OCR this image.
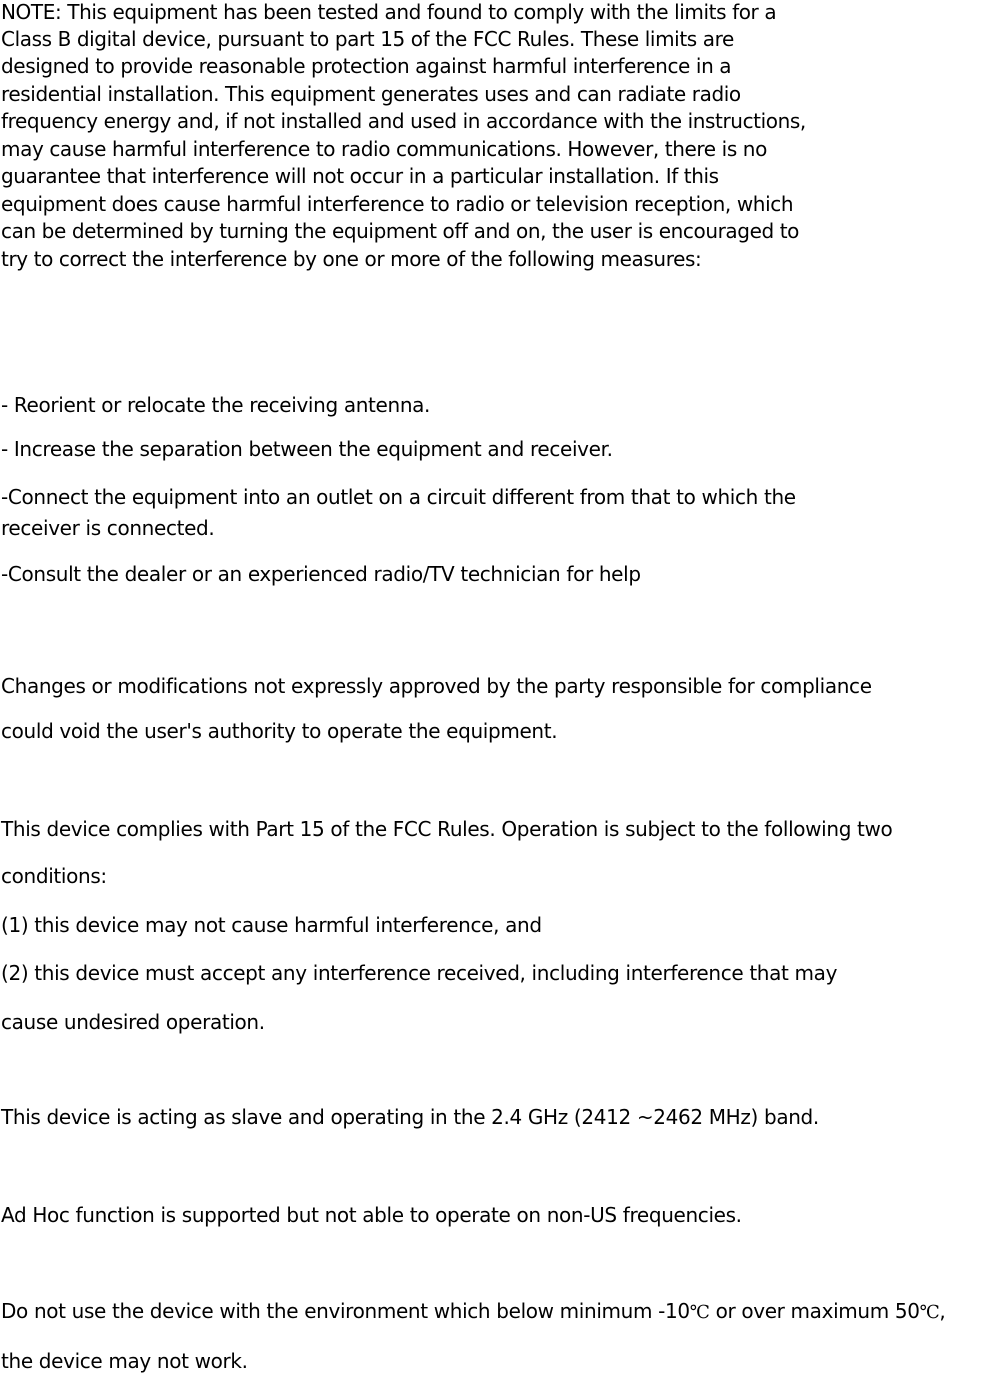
NOTE: This equipment has been tested and found to comply with the limits for a
Class B digital device, pursuant to part 15 of the FCC Rules. These limits are
designed to provide reasonable protection against harmful interference in a
residential installation. This equipment generates uses and can radiate radio
frequency energy and, if not installed and used in accordance with the instructions,
may cause harmful interference to radio communications. However, there is no
guarantee that interference will not occur in a particular installation. If this
equipment does cause harmful interference to radio or television reception, which
can be determined by turning the equipment off and on, the user is encouraged to
try to correct the interference by one or more of the following measures:
- Reorient or relocate the receiving antenna.
- Increase the separation between the equipment and receiver.
-Connect the equipment into an outlet on a circuit different from that to which the
receiver is connected.
-Consult the dealer or an experienced radio/TV technician for help
Changes or modifications not expressly approved by the party responsible for compliance
could void the user's authority to operate the equipment.
This device complies with Part 15 of the FCC Rules. Operation is subject to the following two
conditions:
(1) this device may not cause harmful interference, and
(2) this device must accept any interference received, including interference that may
cause undesired operation.
This device is acting as slave and operating in the 2.4 GHz (2412 ~2462 MHz) band.
Ad Hoc function is supported but not able to operate on non-US frequencies.
Do not use the device with the environment which below minimum -10℃ or over maximum 50℃,
the device may not work.
